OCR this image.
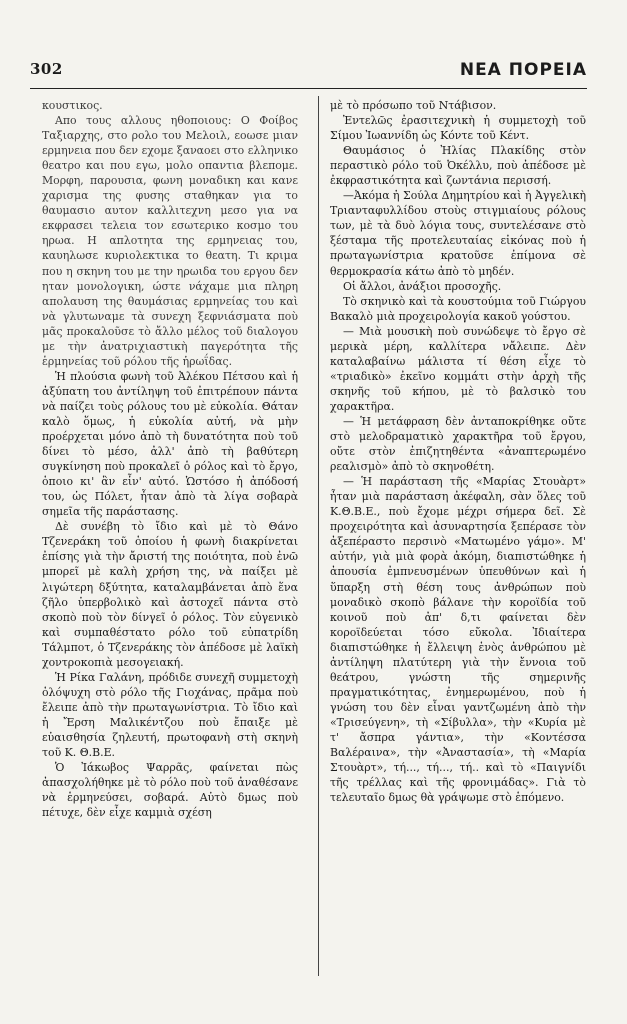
302	ΝΕΑ ΠΟΡΕΙΑ

κουστικος.

Απο τους αλλους ηθοποιους: Ο Φοίβος Ταξιαρχης, στο ρολο του Μελοιλ, εοωσε μιαν ερμηνεια που δεν εχομε ξαναοει στο ελληνικο θεατρο και που εγω, μολο οπαντια βλεπομε. Μορφη, παρουσια, φωνη μοναδικη και κανε χαρισμα της φυσης σταθηκαν για το θαυμασιο αυτον καλλιτεχνη μεσο για να εκφρασει τελεια τον εσωτερικο κοσμο του ηρωα. Η απλοτητα της ερμηνειας του, καυηλωσε κυριολεκτικα το θεατη. Τι κριμα που η σκηνη του με την ηρωιδα του εργου δεν ηταν μονολογικη, ώστε νάχαμε μια πληρη απολαυση της θαυμάσιας ερμηνείας του καὶ νὰ γλυτωναμε τὰ συνεχη ξεφνιάσματα ποὺ μᾶς προκαλοῦσε τὸ ἄλλο μέλος τοῦ διαλογου με τὴν ἀνατριχιαστικὴ παγερότητα τῆς ἑρμηνείας τοῦ ρόλου τῆς ἡρωΐδας.

Ἡ πλούσια φωνὴ τοῦ Ἀλέκου Πέτσου καὶ ἡ ἀξύπατη του ἀντίληψη τοῦ ἐπιτρέπουν πάντα νὰ παίζει τοὺς ρόλους του μὲ εὐκολία. Θάταν καλὸ ὅμως, ἡ εὐκολία αὐτή, νὰ μὴν προέρχεται μόνο ἀπὸ τὴ δυνατότητα ποὺ τοῦ δίνει τὸ μέσο, ἀλλ' ἀπὸ τὴ βαθύτερη συγκίνηση ποὺ προκαλεῖ ὁ ρόλος καὶ τὸ ἔργο, ὁποιο κι' ἂν εἶν' αὐτό. Ὡστόσο ἡ ἀπόδοσή του, ὡς Πόλετ, ἦταν ἀπὸ τὰ λίγα σοβαρὰ σημεῖα τῆς παράστασης.

Δὲ συνέβη τὸ ἴδιο καὶ μὲ τὸ Θάνο Τζενεράκη τοῦ ὁποίου ἡ φωνὴ διακρίνεται ἐπίσης γιὰ τὴν ἄριστή της ποιότητα, ποὺ ἐνῶ μπορεῖ μὲ καλὴ χρήση της, νὰ παίξει μὲ λιγώτερη δξύτητα, καταλαμβάνεται ἀπὸ ἕνα ζῆλο ὑπερβολικὸ καὶ ἀστοχεῖ πάντα στὸ σκοπὸ ποὺ τὸν δίνγεῖ ὁ ρόλος. Τὸν εὐγενικὸ καὶ συμπαθέστατο ρόλο τοῦ εὐπατρίδη Τάλμποτ, ὁ Τζενεράκης τὸν ἀπέδοσε μὲ λαϊκὴ χοντροκοπιὰ μεσογειακή.

Ἡ Ρίκα Γαλάνη, πρόδιδε συνεχῆ συμμετοχὴ ὁλόψυχη στὸ ρόλο τῆς Γιοχάνας, πρᾶμα ποὺ ἔλειπε ἀπὸ τὴν πρωταγωνίστρια. Τὸ ἴδιο καὶ ἡ Ἔρση Μαλικέντζου ποὺ ἔπαιξε μὲ εὐαισθησία ζηλευτή, πρωτοφανὴ στὴ σκηνὴ τοῦ Κ. Θ.Β.Ε.

Ὁ Ἰάκωβος Ψαρρᾶς, φαίνεται πὼς ἀπασχολήθηκε μὲ τὸ ρόλο ποὺ τοῦ ἀναθέσανε νὰ ἑρμηνεύσει, σοβαρά. Αὐτὸ δμως ποὺ πέτυχε, δὲν εἶχε καμμιὰ σχέση

μὲ τὸ πρόσωπο τοῦ Ντάβισον.

Ἐντελῶς ἐρασιτεχνικὴ ἡ συμμετοχὴ τοῦ Σίμου Ἰωαννίδη ὡς Κόντε τοῦ Κέντ.

Θαυμάσιος ὁ Ἠλίας Πλακίδης στὸν περαστικὸ ρόλο τοῦ Ὀκέλλυ, ποὺ ἀπέδοσε μὲ ἐκφραστικότητα καὶ ζωντάνια περισσή.

—Ἀκόμα ἡ Σούλα Δημητρίου καὶ ἡ Ἀγγελικὴ Τριανταφυλλίδου στοὺς στιγμιαίους ρόλους των, μὲ τὰ δυὸ λόγια τους, συντελέσανε στὸ ξέσταμα τῆς προτελευταίας εἰκόνας ποὺ ἡ πρωταγωνίστρια κρατοῦσε ἐπίμονα σὲ θερμοκρασία κάτω ἀπὸ τὸ μηδέν.

Οἱ ἄλλοι, ἀνάξιοι προσοχῆς.

Τὸ σκηνικὸ καὶ τὰ κουστούμια τοῦ Γιώργου Βακαλὸ μιὰ προχειρολογία κακοῦ γούστου.

— Μιὰ μουσικὴ ποὺ συνώδεψε τὸ ἔργο σὲ μερικὰ μέρη, καλλίτερα νἄλειπε. Δὲν καταλαβαίνω μάλιστα τί θέση εἶχε τὸ «τριαδικὸ» ἐκεῖνο κομμάτι στὴν ἀρχὴ τῆς σκηνῆς τοῦ κήπου, μὲ τὸ βαλσικὸ του χαρακτῆρα.

— Ἡ μετάφραση δὲν ἀνταποκρίθηκε οὔτε στὸ μελοδραματικὸ χαρακτῆρα τοῦ ἔργου, οὔτε στὸν ἐπιζητηθέντα «ἀναπτερωμένο ρεαλισμὸ» ἀπὸ τὸ σκηνοθέτη.

— Ἡ παράσταση τῆς «Μαρίας Στουὰρτ» ἦταν μιὰ παράσταση ἀκέφαλη, σὰν ὅλες τοῦ Κ.Θ.Β.Ε., ποὺ ἔχομε μέχρι σήμερα δεῖ. Σὲ προχειρότητα καὶ ἀσυναρτησία ξεπέρασε τὸν ἀξεπέραστο περσινὸ «Ματωμένο γάμο». Μ' αὐτήν, γιὰ μιὰ φορὰ ἀκόμη, διαπιστώθηκε ἡ ἀπουσία ἐμπνευσμένων ὑπευθύνων καὶ ἡ ὕπαρξη στὴ θέση τους ἀνθρώπων ποὺ μοναδικὸ σκοπὸ βάλανε τὴν κοροϊδία τοῦ κοινοῦ ποὺ ἀπ' δ,τι φαίνεται δὲν κοροϊδεύεται τόσο εὔκολα. Ἰδιαίτερα διαπιστώθηκε ἡ ἔλλειψη ἑνὸς ἀνθρώπου μὲ ἀντίληψη πλατύτερη γιὰ τὴν ἔννοια τοῦ θεάτρου, γνώστη τῆς σημερινῆς πραγματικότητας, ἐνημερωμένου, ποὺ ἡ γνώση του δὲν εἶναι γαντζωμένη ἀπὸ τὴν «Τρισεύγενη», τὴ «Σίβυλλα», τὴν «Κυρία μὲ τ' ἄσπρα γάντια», τὴν «Κοντέσσα Βαλέραινα», τὴν «Ἀναστασία», τὴ «Μαρία Στουὰρτ», τή..., τή..., τή.. καὶ τὸ «Παιγνίδι τῆς τρέλλας καὶ τῆς φρονιμάδας». Γιὰ τὸ τελευταῖο δμως θὰ γράψωμε στὸ ἑπόμενο.
